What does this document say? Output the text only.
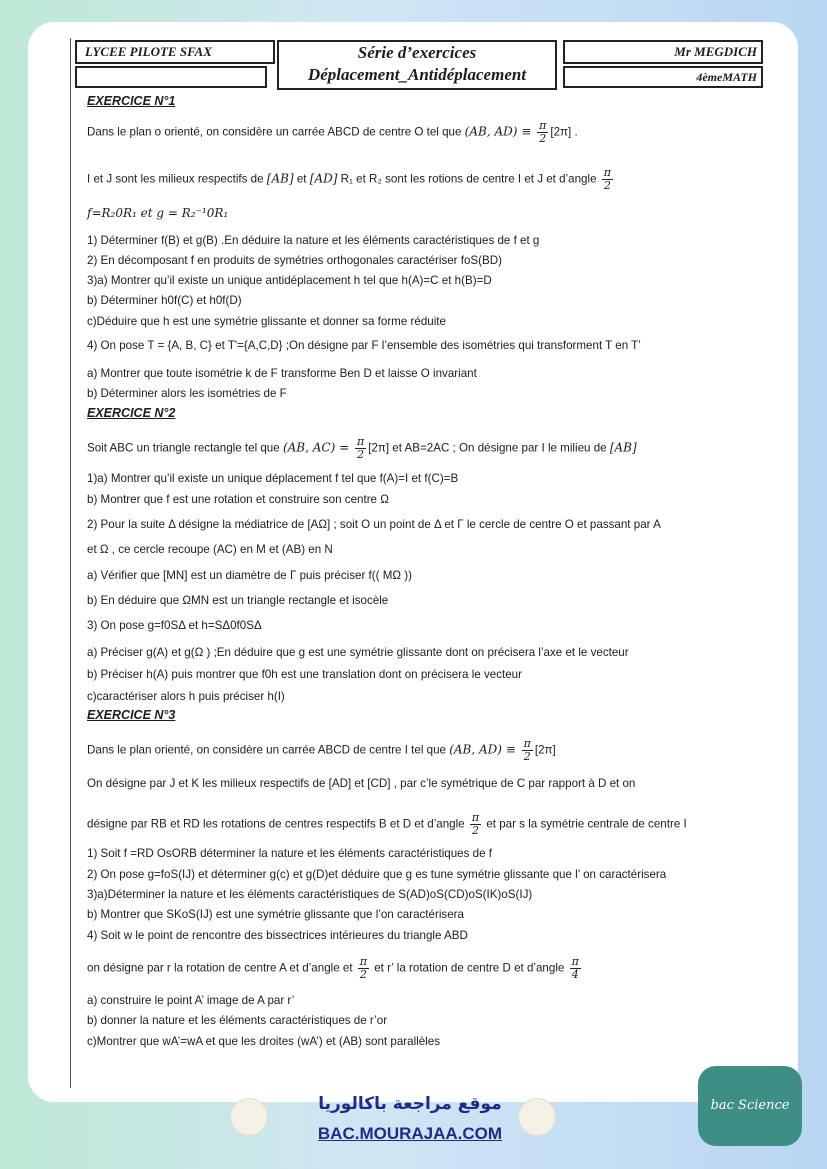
LYCEE PILOTE SFAX	Série d’exercices
Déplacement_Antidéplacement
Mr MEGDICH
4èmeMATH
EXERCICE N°1
Dans le plan o orienté, on considère un carrée ABCD de centre O tel que (AB, $AD) \equiv \frac{\pi}{2} [2\pi]$ .
I et J sont les milieux respectifs de [AB] et [AD] R₁ et R₂ sont les rotions de centre I et J et d’angle $\frac{\pi}{2}$
f=R₂0R₁ et g = R₂⁻¹0R₁
1) Déterminer f(B) et g(B) .En déduire la nature et les éléments caractéristiques de f et g
2) En décomposant f en produits de symétries orthogonales caractériser foS(BD)
3)a) Montrer qu’il existe un unique antidéplacement h tel que h(A)=C et h(B)=D
b) Déterminer h0f(C) et h0f(D)
c)Déduire que h est une symétrie glissante et donner sa forme réduite
4) On pose T = {A, B, C} et T'={A,C,D} ;On désigne par F l’ensemble des isométries qui transforment T en T’
a) Montrer que toute isométrie k de F transforme Ben D et laisse O invariant
b) Déterminer alors les isométries de F
EXERCICE N°2
Soit ABC un triangle rectangle tel que (AB, $AC) = \frac{\pi}{2} [2\pi]$ et AB=2AC ; On désigne par I le milieu de [AB]
1)a) Montrer qu’il existe un unique déplacement f tel que f(A)=I et f(C)=B
b) Montrer que f est une rotation et construire son centre Ω
2) Pour la suite Δ désigne la médiatrice de [AΩ] ; soit O un point de Δ et Γ le cercle de centre O et passant par A
et Ω , ce cercle recoupe (AC) en M et (AB) en N
a) Vérifier que [MN] est un diamètre de Γ puis préciser f(( MΩ ))
b) En déduire que ΩMN est un triangle rectangle et isocèle
3) On pose g=f0SΔ et h=SΔ0f0SΔ
a) Préciser g(A) et g(Ω ) ;En déduire que g est une symétrie glissante dont on précisera l’axe et le vecteur
b) Préciser h(A) puis montrer que f0h est une translation dont on précisera le vecteur
c)caractériser alors h puis préciser h(I)
EXERCICE N°3
Dans le plan orienté, on considère un carrée ABCD de centre I tel que (AB, $AD) \equiv \frac{\pi}{2} [2\pi]$
On désigne par J et K les milieux respectifs de [AD] et [CD] , par c’le symétrique de C par rapport à D et on
désigne par RB et RD les rotations de centres respectifs B et D et d’angle $\frac{\pi}{2}$ et par s la symétrie centrale de centre I
1) Soit f =RD OsORB déterminer la nature et les éléments caractéristiques de f
2) On pose g=foS(IJ) et déterminer g(c) et g(D)et déduire que g es tune symétrie glissante que l’ on caractérisera
3)a)Déterminer la nature et les éléments caractéristiques de S(AD)oS(CD)oS(IK)oS(IJ)
b) Montrer que SKoS(IJ) est une symétrie glissante que l’on caractérisera
4) Soit w le point de rencontre des bissectrices intérieures du triangle ABD
on désigne par r la rotation de centre A et d’angle et $\frac{\pi}{2}$ et r’ la rotation de centre D et d’angle $\frac{\pi}{4}$
a) construire le point A’ image de A par r’
b) donner la nature et les éléments caractéristiques de r’or
c)Montrer que wA’=wA et que les droites (wA’) et (AB) sont parallèles
موقع مراجعة باكالوريا
BAC.MOURAJAA.COM
bac Science
